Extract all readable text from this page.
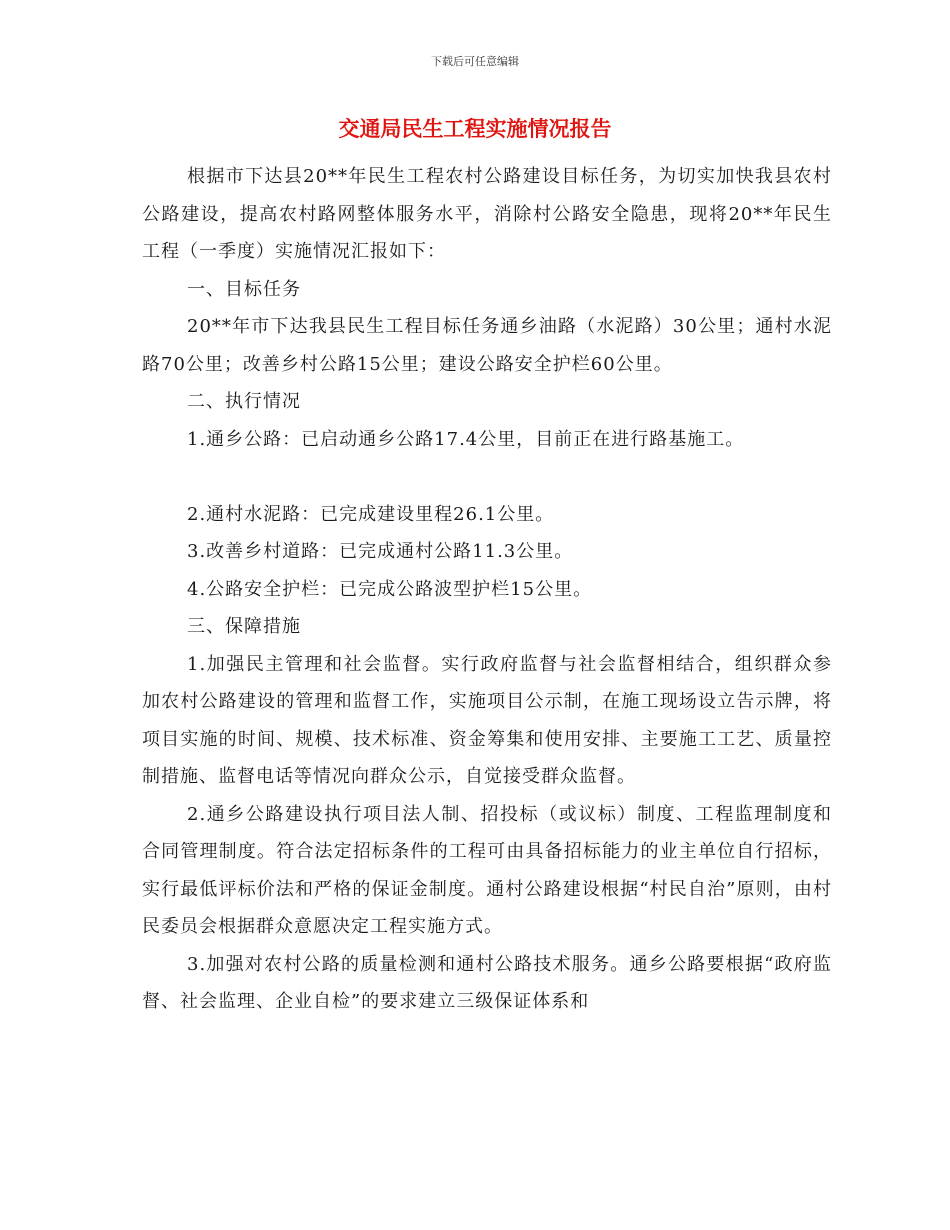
下载后可任意编辑
交通局民生工程实施情况报告

根据市下达县20**年民生工程农村公路建设目标任务，为切实加快我县农村公路建设，提高农村路网整体服务水平，消除村公路安全隐患，现将20**年民生工程（一季度）实施情况汇报如下：

一、目标任务

20**年市下达我县民生工程目标任务通乡油路（水泥路）30公里；通村水泥路70公里；改善乡村公路15公里；建设公路安全护栏60公里。

二、执行情况

1.通乡公路：已启动通乡公路17.4公里，目前正在进行路基施工。

2.通村水泥路：已完成建设里程26.1公里。

3.改善乡村道路：已完成通村公路11.3公里。

4.公路安全护栏：已完成公路波型护栏15公里。

三、保障措施

1.加强民主管理和社会监督。实行政府监督与社会监督相结合，组织群众参加农村公路建设的管理和监督工作，实施项目公示制，在施工现场设立告示牌，将项目实施的时间、规模、技术标准、资金筹集和使用安排、主要施工工艺、质量控制措施、监督电话等情况向群众公示，自觉接受群众监督。

2.通乡公路建设执行项目法人制、招投标（或议标）制度、工程监理制度和合同管理制度。符合法定招标条件的工程可由具备招标能力的业主单位自行招标，实行最低评标价法和严格的保证金制度。通村公路建设根据“村民自治”原则，由村民委员会根据群众意愿决定工程实施方式。

3.加强对农村公路的质量检测和通村公路技术服务。通乡公路要根据“政府监督、社会监理、企业自检”的要求建立三级保证体系和
